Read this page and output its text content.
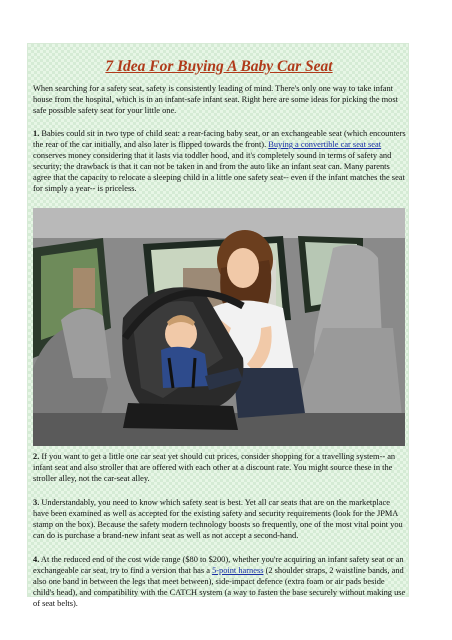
7 Idea For Buying A Baby Car Seat

When searching for a safety seat, safety is consistently leading of mind. There's only one way to take infant house from the hospital, which is in an infant-safe infant seat. Right here are some ideas for picking the most safe possible safety seat for your little one.

1. Babies could sit in two type of child seat: a rear-facing baby seat, or an exchangeable seat (which encounters the rear of the car initially, and also later is flipped towards the front). Buying a convertible car seat seat conserves money considering that it lasts via toddler hood, and it's completely sound in terms of safety and security; the drawback is that it can not be taken in and from the auto like an infant seat can. Many parents agree that the capacity to relocate a sleeping child in a little one safety seat-- even if the infant matches the seat for simply a year-- is priceless.

2. If you want to get a little one car seat yet should cut prices, consider shopping for a travelling system-- an infant seat and also stroller that are offered with each other at a discount rate. You might source these in the stroller alley, not the car-seat alley.

3. Understandably, you need to know which safety seat is best. Yet all car seats that are on the marketplace have been examined as well as accepted for the existing safety and security requirements (look for the JPMA stamp on the box). Because the safety modern technology boosts so frequently, one of the most vital point you can do is purchase a brand-new infant seat as well as not accept a second-hand.

4. At the reduced end of the cost wide range ($80 to $200), whether you're acquiring an infant safety seat or an exchangeable car seat, try to find a version that has a 5-point harness (2 shoulder straps, 2 waistline bands, and also one band in between the legs that meet between), side-impact defence (extra foam or air pads beside child's head), and compatibility with the CATCH system (a way to fasten the base securely without making use of seat belts).
